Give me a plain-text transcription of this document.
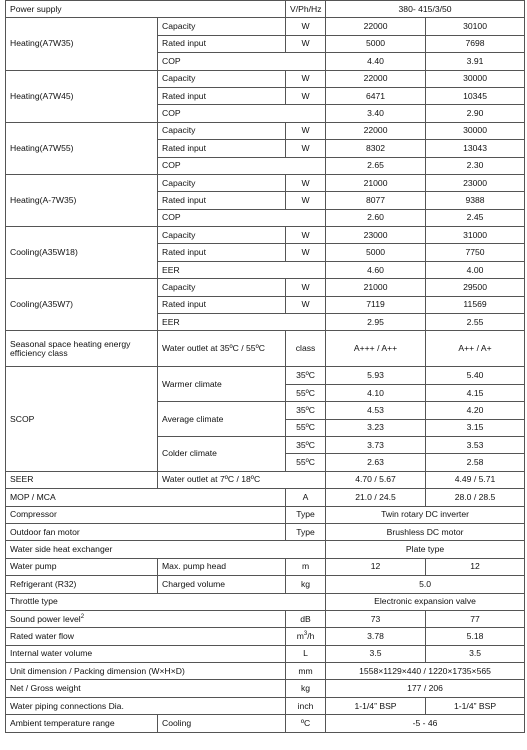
Power supply		V/Ph/Hz	380- 415/3/50	
Heating(A7W35)	Capacity	W	22000	30100
	Rated input	W	5000	7698
	COP		4.40	3.91
Heating(A7W45)	Capacity	W	22000	30000
	Rated input	W	6471	10345
	COP		3.40	2.90
Heating(A7W55)	Capacity	W	22000	30000
	Rated input	W	8302	13043
	COP		2.65	2.30
Heating(A-7W35)	Capacity	W	21000	23000
	Rated input	W	8077	9388
	COP		2.60	2.45
Cooling(A35W18)	Capacity	W	23000	31000
	Rated input	W	5000	7750
	EER		4.60	4.00
Cooling(A35W7)	Capacity	W	21000	29500
	Rated input	W	7119	11569
	EER		2.95	2.55
Seasonal space heating energy efficiency class	Water outlet at 35ºC / 55ºC	class	A+++ / A++	A++ / A+
SCOP	Warmer climate	35ºC	5.93	5.40
		55ºC	4.10	4.15
	Average climate	35ºC	4.53	4.20
		55ºC	3.23	3.15
	Colder climate	35ºC	3.73	3.53
		55ºC	2.63	2.58
SEER	Water outlet at 7ºC / 18ºC		4.70 / 5.67	4.49 / 5.71
MOP / MCA		A	21.0 / 24.5	28.0 / 28.5
Compressor		Type	Twin rotary DC inverter	
Outdoor fan motor		Type	Brushless DC motor	
Water side heat exchanger			Plate type	
Water pump	Max. pump head	m	12	12
Refrigerant (R32)	Charged volume	kg	5.0	
Throttle type			Electronic expansion valve	
Sound power level$^2$		dB	73	77
Rated water flow		$m^3/h$	3.78	5.18
Internal water volume		L	3.5	3.5
Unit dimension / Packing dimension (W×H×D)		mm	1558×1129×440 / 1220×1735×565	
Net / Gross weight		kg	177 / 206	
Water piping connections Dia.		inch	1-1/4” BSP	1-1/4” BSP
Ambient temperature range	Cooling	ºC	-5 - 46	
